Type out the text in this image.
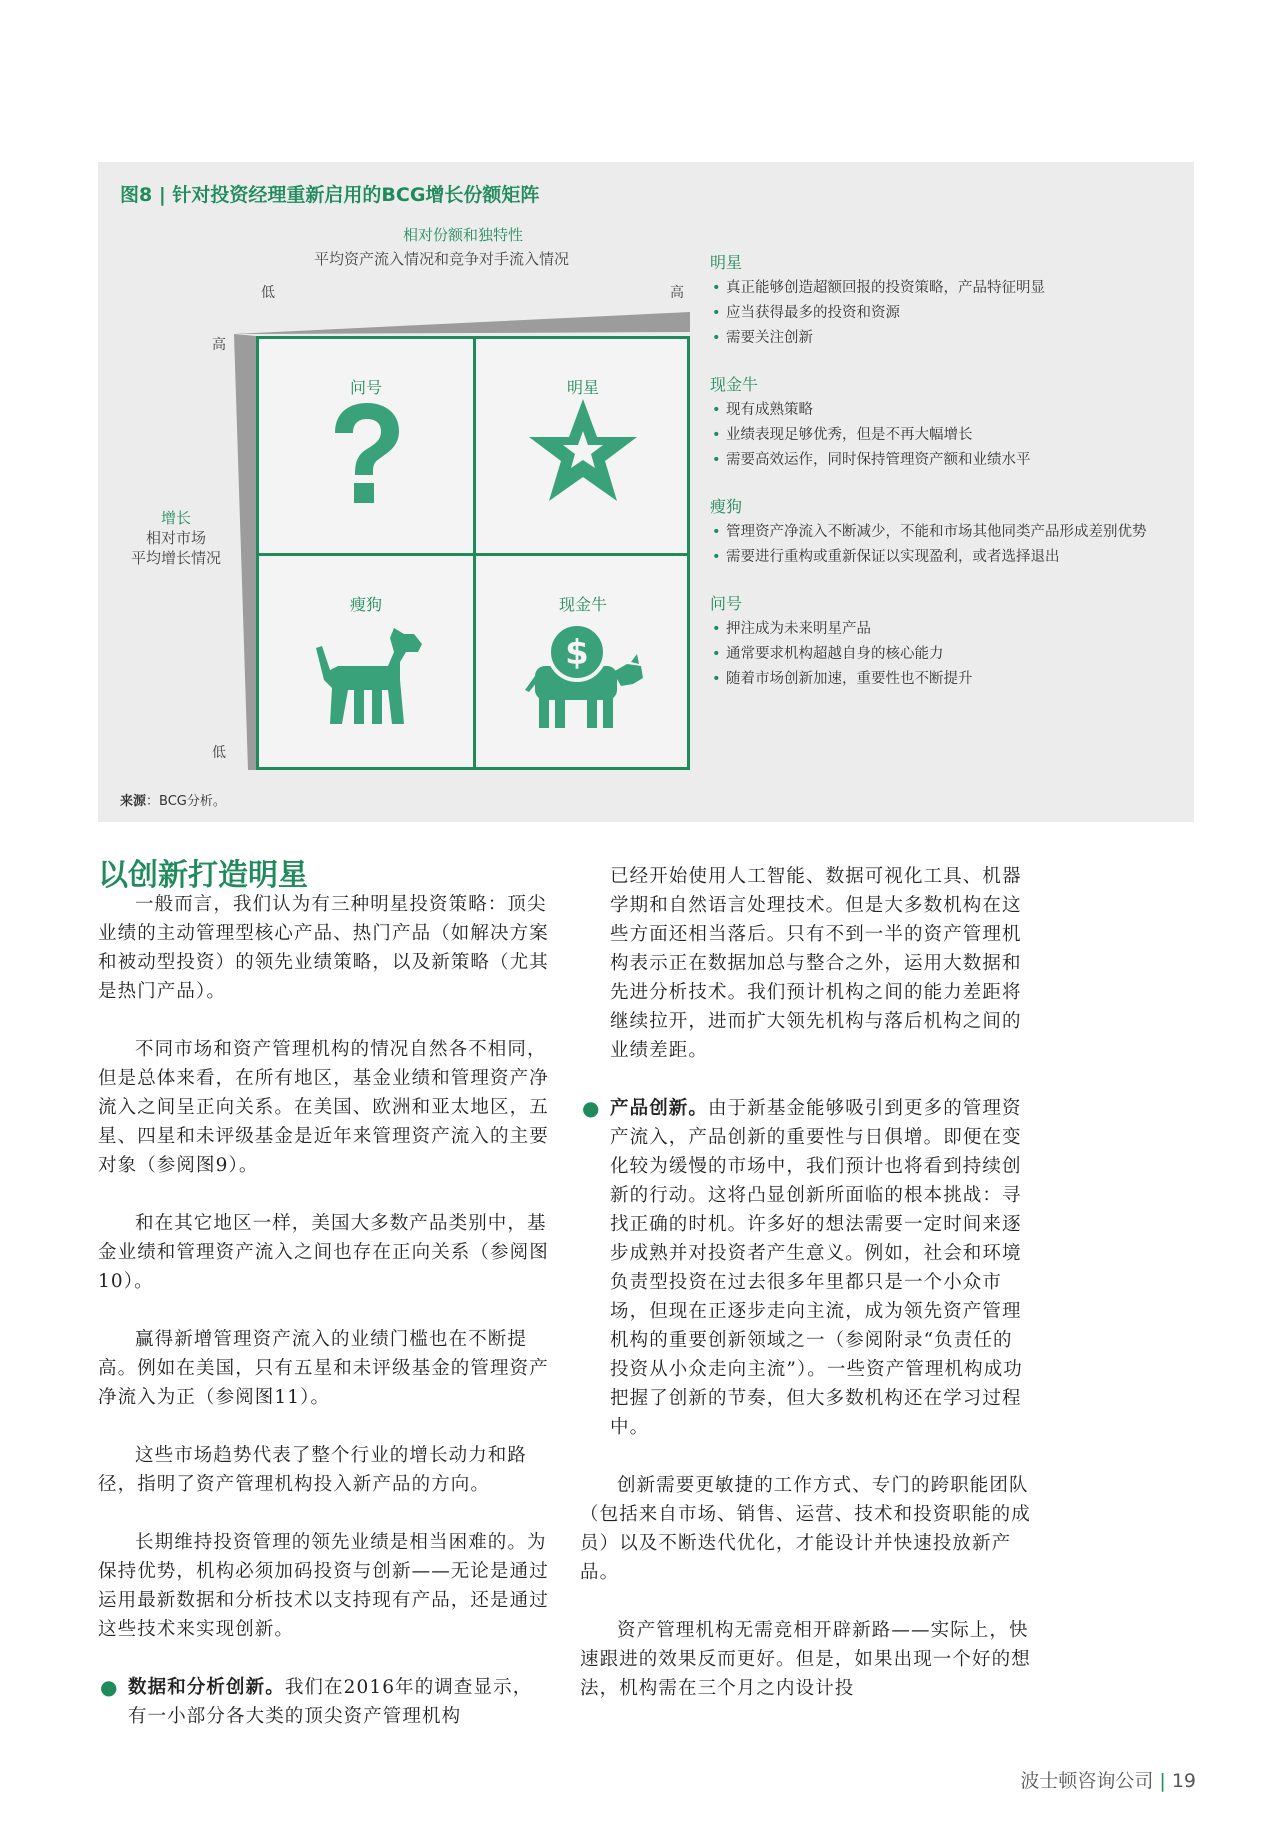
图8 | 针对投资经理重新启用的BCG增长份额矩阵
相对份额和独特性
平均资产流入情况和竞争对手流入情况
低	高
高
低
增长
相对市场
平均增长情况
问号	明星
瘦狗	现金牛
$
明星
• 真正能够创造超额回报的投资策略，产品特征明显
• 应当获得最多的投资和资源
• 需要关注创新
现金牛
• 现有成熟策略
• 业绩表现足够优秀，但是不再大幅增长
• 需要高效运作，同时保持管理资产额和业绩水平
瘦狗
• 管理资产净流入不断减少，不能和市场其他同类产品形成差别优势
• 需要进行重构或重新保证以实现盈利，或者选择退出
问号
• 押注成为未来明星产品
• 通常要求机构超越自身的核心能力
• 随着市场创新加速，重要性也不断提升
来源：BCG分析。
以创新打造明星

一般而言，我们认为有三种明星投资策略：顶尖业绩的主动管理型核心产品、热门产品（如解决方案和被动型投资）的领先业绩策略，以及新策略（尤其是热门产品）。

不同市场和资产管理机构的情况自然各不相同，但是总体来看，在所有地区，基金业绩和管理资产净流入之间呈正向关系。在美国、欧洲和亚太地区，五星、四星和未评级基金是近年来管理资产流入的主要对象（参阅图9）。

和在其它地区一样，美国大多数产品类别中，基金业绩和管理资产流入之间也存在正向关系（参阅图10）。

赢得新增管理资产流入的业绩门槛也在不断提高。例如在美国，只有五星和未评级基金的管理资产净流入为正（参阅图11）。

这些市场趋势代表了整个行业的增长动力和路径，指明了资产管理机构投入新产品的方向。

长期维持投资管理的领先业绩是相当困难的。为保持优势，机构必须加码投资与创新——无论是通过运用最新数据和分析技术以支持现有产品，还是通过这些技术来实现创新。

● 数据和分析创新。我们在2016年的调查显示，有一小部分各大类的顶尖资产管理机构
已经开始使用人工智能、数据可视化工具、机器学期和自然语言处理技术。但是大多数机构在这些方面还相当落后。只有不到一半的资产管理机构表示正在数据加总与整合之外，运用大数据和先进分析技术。我们预计机构之间的能力差距将继续拉开，进而扩大领先机构与落后机构之间的业绩差距。
● 产品创新。由于新基金能够吸引到更多的管理资产流入，产品创新的重要性与日俱增。即便在变化较为缓慢的市场中，我们预计也将看到持续创新的行动。这将凸显创新所面临的根本挑战：寻找正确的时机。许多好的想法需要一定时间来逐步成熟并对投资者产生意义。例如，社会和环境负责型投资在过去很多年里都只是一个小众市场，但现在正逐步走向主流，成为领先资产管理机构的重要创新领域之一（参阅附录“负责任的投资从小众走向主流”）。一些资产管理机构成功把握了创新的节奏，但大多数机构还在学习过程中。

创新需要更敏捷的工作方式、专门的跨职能团队（包括来自市场、销售、运营、技术和投资职能的成员）以及不断迭代优化，才能设计并快速投放新产品。

资产管理机构无需竞相开辟新路——实际上，快速跟进的效果反而更好。但是，如果出现一个好的想法，机构需在三个月之内设计投

波士顿咨询公司 | 19
